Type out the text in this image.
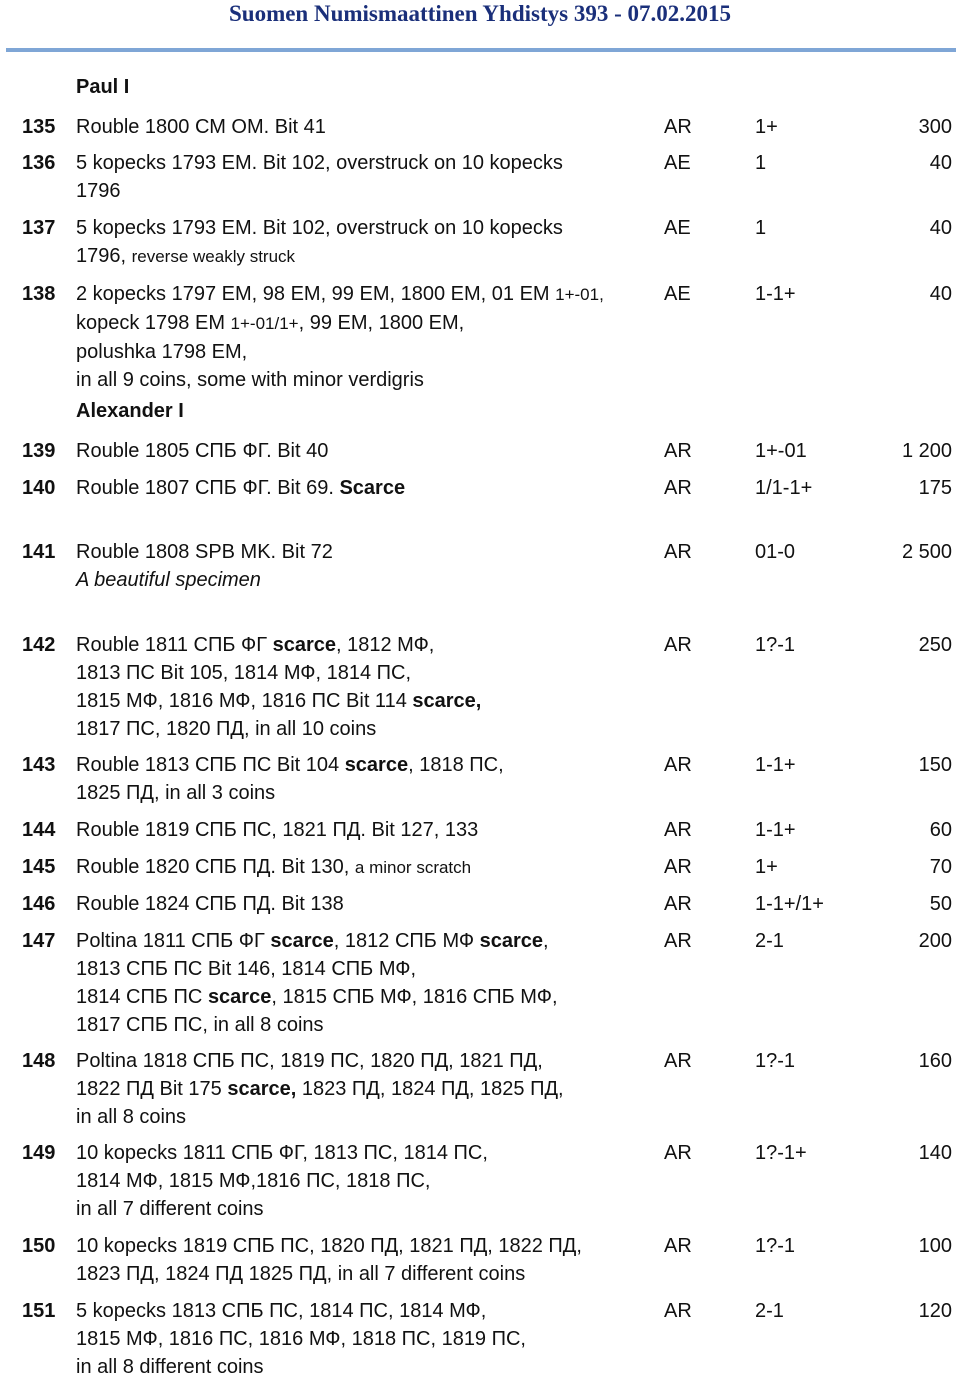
Suomen Numismaattinen Yhdistys 393 - 07.02.2015
Paul I
Alexander I
135 Rouble 1800 СМ ОМ. Bit 41	AR	1+	300
136 5 kopecks 1793 ЕМ. Bit 102, overstruck on 10 kopecks
1796
AE	1	40
137 5 kopecks 1793 ЕМ. Bit 102, overstruck on 10 kopecks
1796, reverse weakly struck
AE	1	40
138 2 kopecks 1797 ЕМ, 98 ЕМ, 99 ЕМ, 1800 ЕМ, 01 ЕМ 1+-01,
kopeck 1798 ЕМ 1+-01/1+, 99 ЕМ, 1800 ЕМ,
polushka 1798 ЕМ,
in all 9 coins, some with minor verdigris
AE	1-1+	40
139 Rouble 1805 СПБ ФГ. Bit 40	AR	1+-01	1 200
140 Rouble 1807 СПБ ФГ. Bit 69. Scarce	AR	1/1-1+	175
141 Rouble 1808 SPB MK. Bit 72
A beautiful specimen
AR	01-0	2 500
142 Rouble 1811 СПБ ФГ scarce, 1812 МФ,
1813 ПС Bit 105, 1814 МФ, 1814 ПС,
1815 МФ, 1816 МФ, 1816 ПС Bit 114 scarce,
1817 ПС, 1820 ПД, in all 10 coins
AR	1?-1	250
143 Rouble 1813 СПБ ПС Bit 104 scarce, 1818 ПС,
1825 ПД, in all 3 coins
AR	1-1+	150
144 Rouble 1819 СПБ ПС, 1821 ПД. Bit 127, 133	AR	1-1+	60
145 Rouble 1820 СПБ ПД. Bit 130, a minor scratch	AR	1+	70
146 Rouble 1824 СПБ ПД. Bit 138	AR	1-1+/1+	50
147 Poltina 1811 СПБ ФГ scarce, 1812 СПБ МФ scarce,
1813 СПБ ПС Bit 146, 1814 СПБ МФ,
1814 СПБ ПС scarce, 1815 СПБ МФ, 1816 СПБ МФ,
1817 СПБ ПС, in all 8 coins
AR	2-1	200
148 Poltina 1818 СПБ ПС, 1819 ПС, 1820 ПД, 1821 ПД,
1822 ПД Bit 175 scarce, 1823 ПД, 1824 ПД, 1825 ПД,
in all 8 coins
AR	1?-1	160
149 10 kopecks 1811 СПБ ФГ, 1813 ПС, 1814 ПС,
1814 МФ, 1815 МФ,1816 ПС, 1818 ПС,
in all 7 different coins
AR	1?-1+	140
150 10 kopecks 1819 СПБ ПС, 1820 ПД, 1821 ПД, 1822 ПД,
1823 ПД, 1824 ПД 1825 ПД, in all 7 different coins
AR	1?-1	100
151 5 kopecks 1813 СПБ ПС, 1814 ПС, 1814 МФ,
1815 МФ, 1816 ПС, 1816 МФ, 1818 ПС, 1819 ПС,
in all 8 different coins
AR	2-1	120
